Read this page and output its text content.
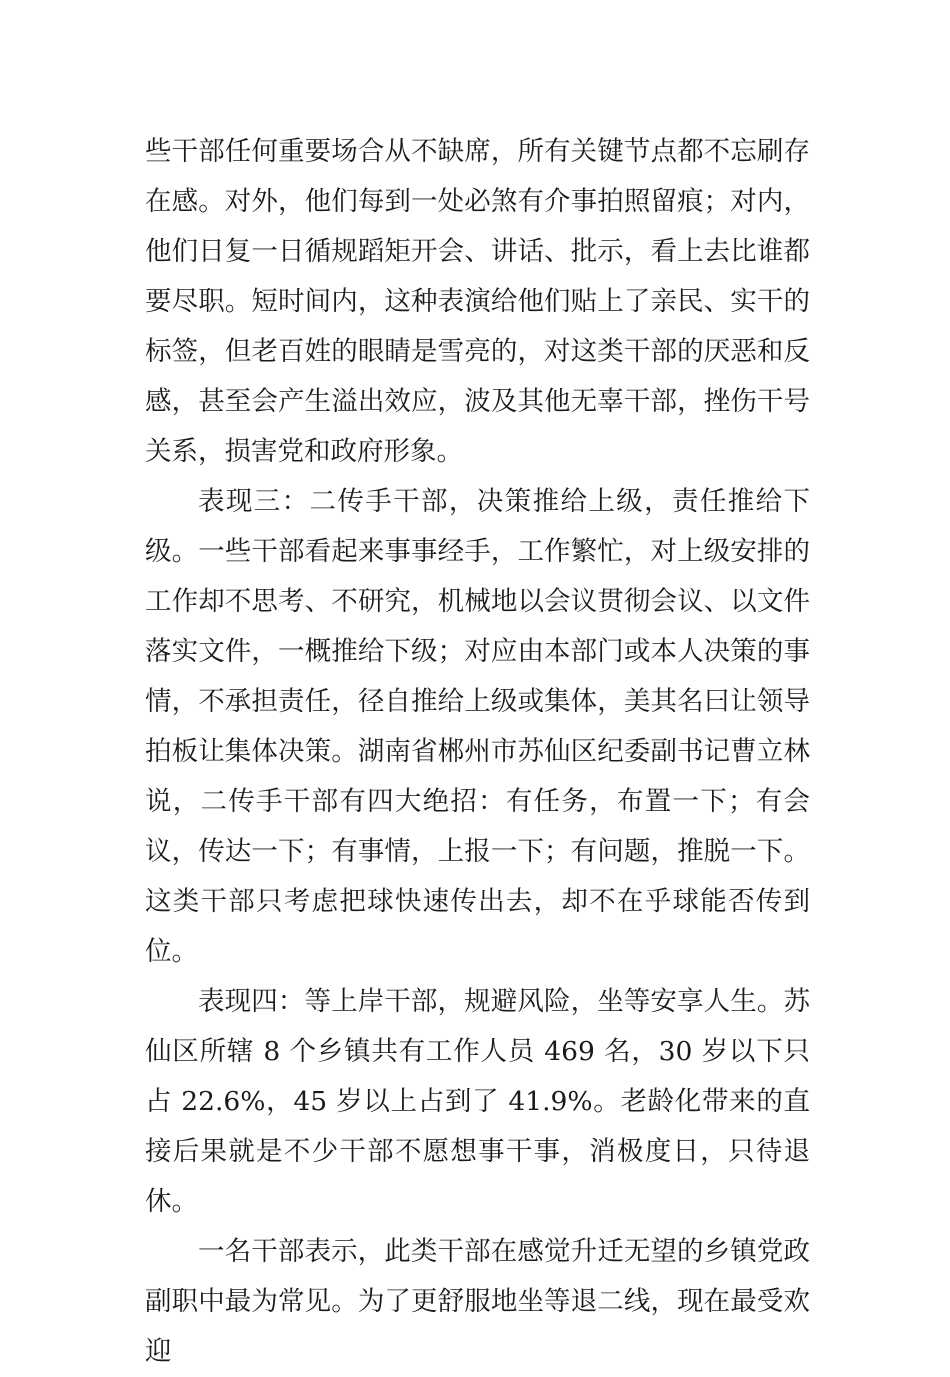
些干部任何重要场合从不缺席，所有关键节点都不忘刷存在感。对外，他们每到一处必煞有介事拍照留痕；对内，他们日复一日循规蹈矩开会、讲话、批示，看上去比谁都要尽职。短时间内，这种表演给他们贴上了亲民、实干的标签，但老百姓的眼睛是雪亮的，对这类干部的厌恶和反感，甚至会产生溢出效应，波及其他无辜干部，挫伤干号关系，损害党和政府形象。

表现三：二传手干部，决策推给上级，责任推给下级。一些干部看起来事事经手，工作繁忙，对上级安排的工作却不思考、不研究，机械地以会议贯彻会议、以文件落实文件，一概推给下级；对应由本部门或本人决策的事情，不承担责任，径自推给上级或集体，美其名曰让领导拍板让集体决策。湖南省郴州市苏仙区纪委副书记曹立林说，二传手干部有四大绝招：有任务，布置一下；有会议，传达一下；有事情，上报一下；有问题，推脱一下。这类干部只考虑把球快速传出去，却不在乎球能否传到位。

表现四：等上岸干部，规避风险，坐等安享人生。苏仙区所辖 8 个乡镇共有工作人员 469 名，30 岁以下只占 22.6%，45 岁以上占到了 41.9%。老龄化带来的直接后果就是不少干部不愿想事干事，消极度日，只待退休。

一名干部表示，此类干部在感觉升迁无望的乡镇党政副职中最为常见。为了更舒服地坐等退二线，现在最受欢迎
